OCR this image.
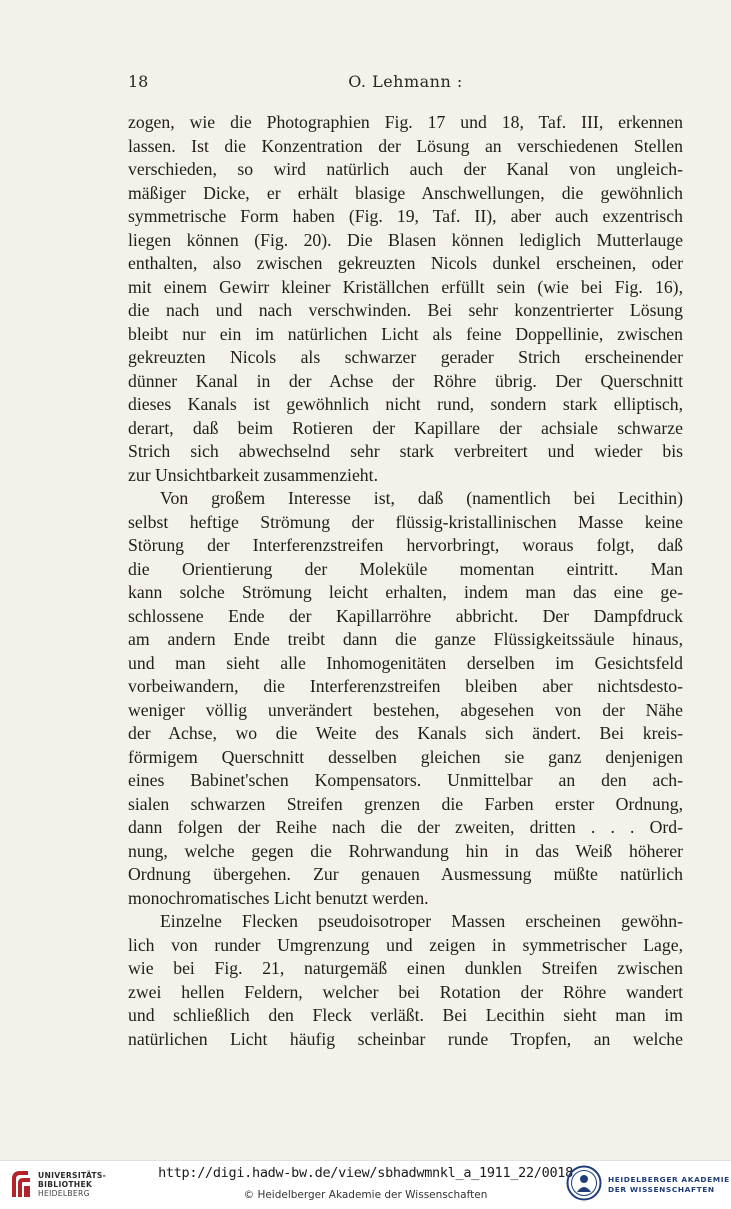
18	O. Lehmann :
zogen, wie die Photographien Fig. 17 und 18, Taf. III, erkennen
lassen. Ist die Konzentration der Lösung an verschiedenen Stellen
verschieden, so wird natürlich auch der Kanal von ungleich-
mäßiger Dicke, er erhält blasige Anschwellungen, die gewöhnlich
symmetrische Form haben (Fig. 19, Taf. II), aber auch exzentrisch
liegen können (Fig. 20). Die Blasen können lediglich Mutterlauge
enthalten, also zwischen gekreuzten Nicols dunkel erscheinen, oder
mit einem Gewirr kleiner Kriställchen erfüllt sein (wie bei Fig. 16),
die nach und nach verschwinden. Bei sehr konzentrierter Lösung
bleibt nur ein im natürlichen Licht als feine Doppellinie, zwischen
gekreuzten Nicols als schwarzer gerader Strich erscheinender
dünner Kanal in der Achse der Röhre übrig. Der Querschnitt
dieses Kanals ist gewöhnlich nicht rund, sondern stark elliptisch,
derart, daß beim Rotieren der Kapillare der achsiale schwarze
Strich sich abwechselnd sehr stark verbreitert und wieder bis
zur Unsichtbarkeit zusammenzieht.
Von großem Interesse ist, daß (namentlich bei Lecithin)
selbst heftige Strömung der flüssig-kristallinischen Masse keine
Störung der Interferenzstreifen hervorbringt, woraus folgt, daß
die Orientierung der Moleküle momentan eintritt. Man
kann solche Strömung leicht erhalten, indem man das eine ge-
schlossene Ende der Kapillarröhre abbricht. Der Dampfdruck
am andern Ende treibt dann die ganze Flüssigkeitssäule hinaus,
und man sieht alle Inhomogenitäten derselben im Gesichtsfeld
vorbeiwandern, die Interferenzstreifen bleiben aber nichtsdesto-
weniger völlig unverändert bestehen, abgesehen von der Nähe
der Achse, wo die Weite des Kanals sich ändert. Bei kreis-
förmigem Querschnitt desselben gleichen sie ganz denjenigen
eines Babinet'schen Kompensators. Unmittelbar an den ach-
sialen schwarzen Streifen grenzen die Farben erster Ordnung,
dann folgen der Reihe nach die der zweiten, dritten . . . Ord-
nung, welche gegen die Rohrwandung hin in das Weiß höherer
Ordnung übergehen. Zur genauen Ausmessung müßte natürlich
monochromatisches Licht benutzt werden.
Einzelne Flecken pseudoisotroper Massen erscheinen gewöhn-
lich von runder Umgrenzung und zeigen in symmetrischer Lage,
wie bei Fig. 21, naturgemäß einen dunklen Streifen zwischen
zwei hellen Feldern, welcher bei Rotation der Röhre wandert
und schließlich den Fleck verläßt. Bei Lecithin sieht man im
natürlichen Licht häufig scheinbar runde Tropfen, an welche
UNIVERSITÄTS-
BIBLIOTHEK
HEIDELBERG
http://digi.hadw-bw.de/view/sbhadwmnkl_a_1911_22/0018
© Heidelberger Akademie der Wissenschaften
HEIDELBERGER AKADEMIE
DER WISSENSCHAFTEN
